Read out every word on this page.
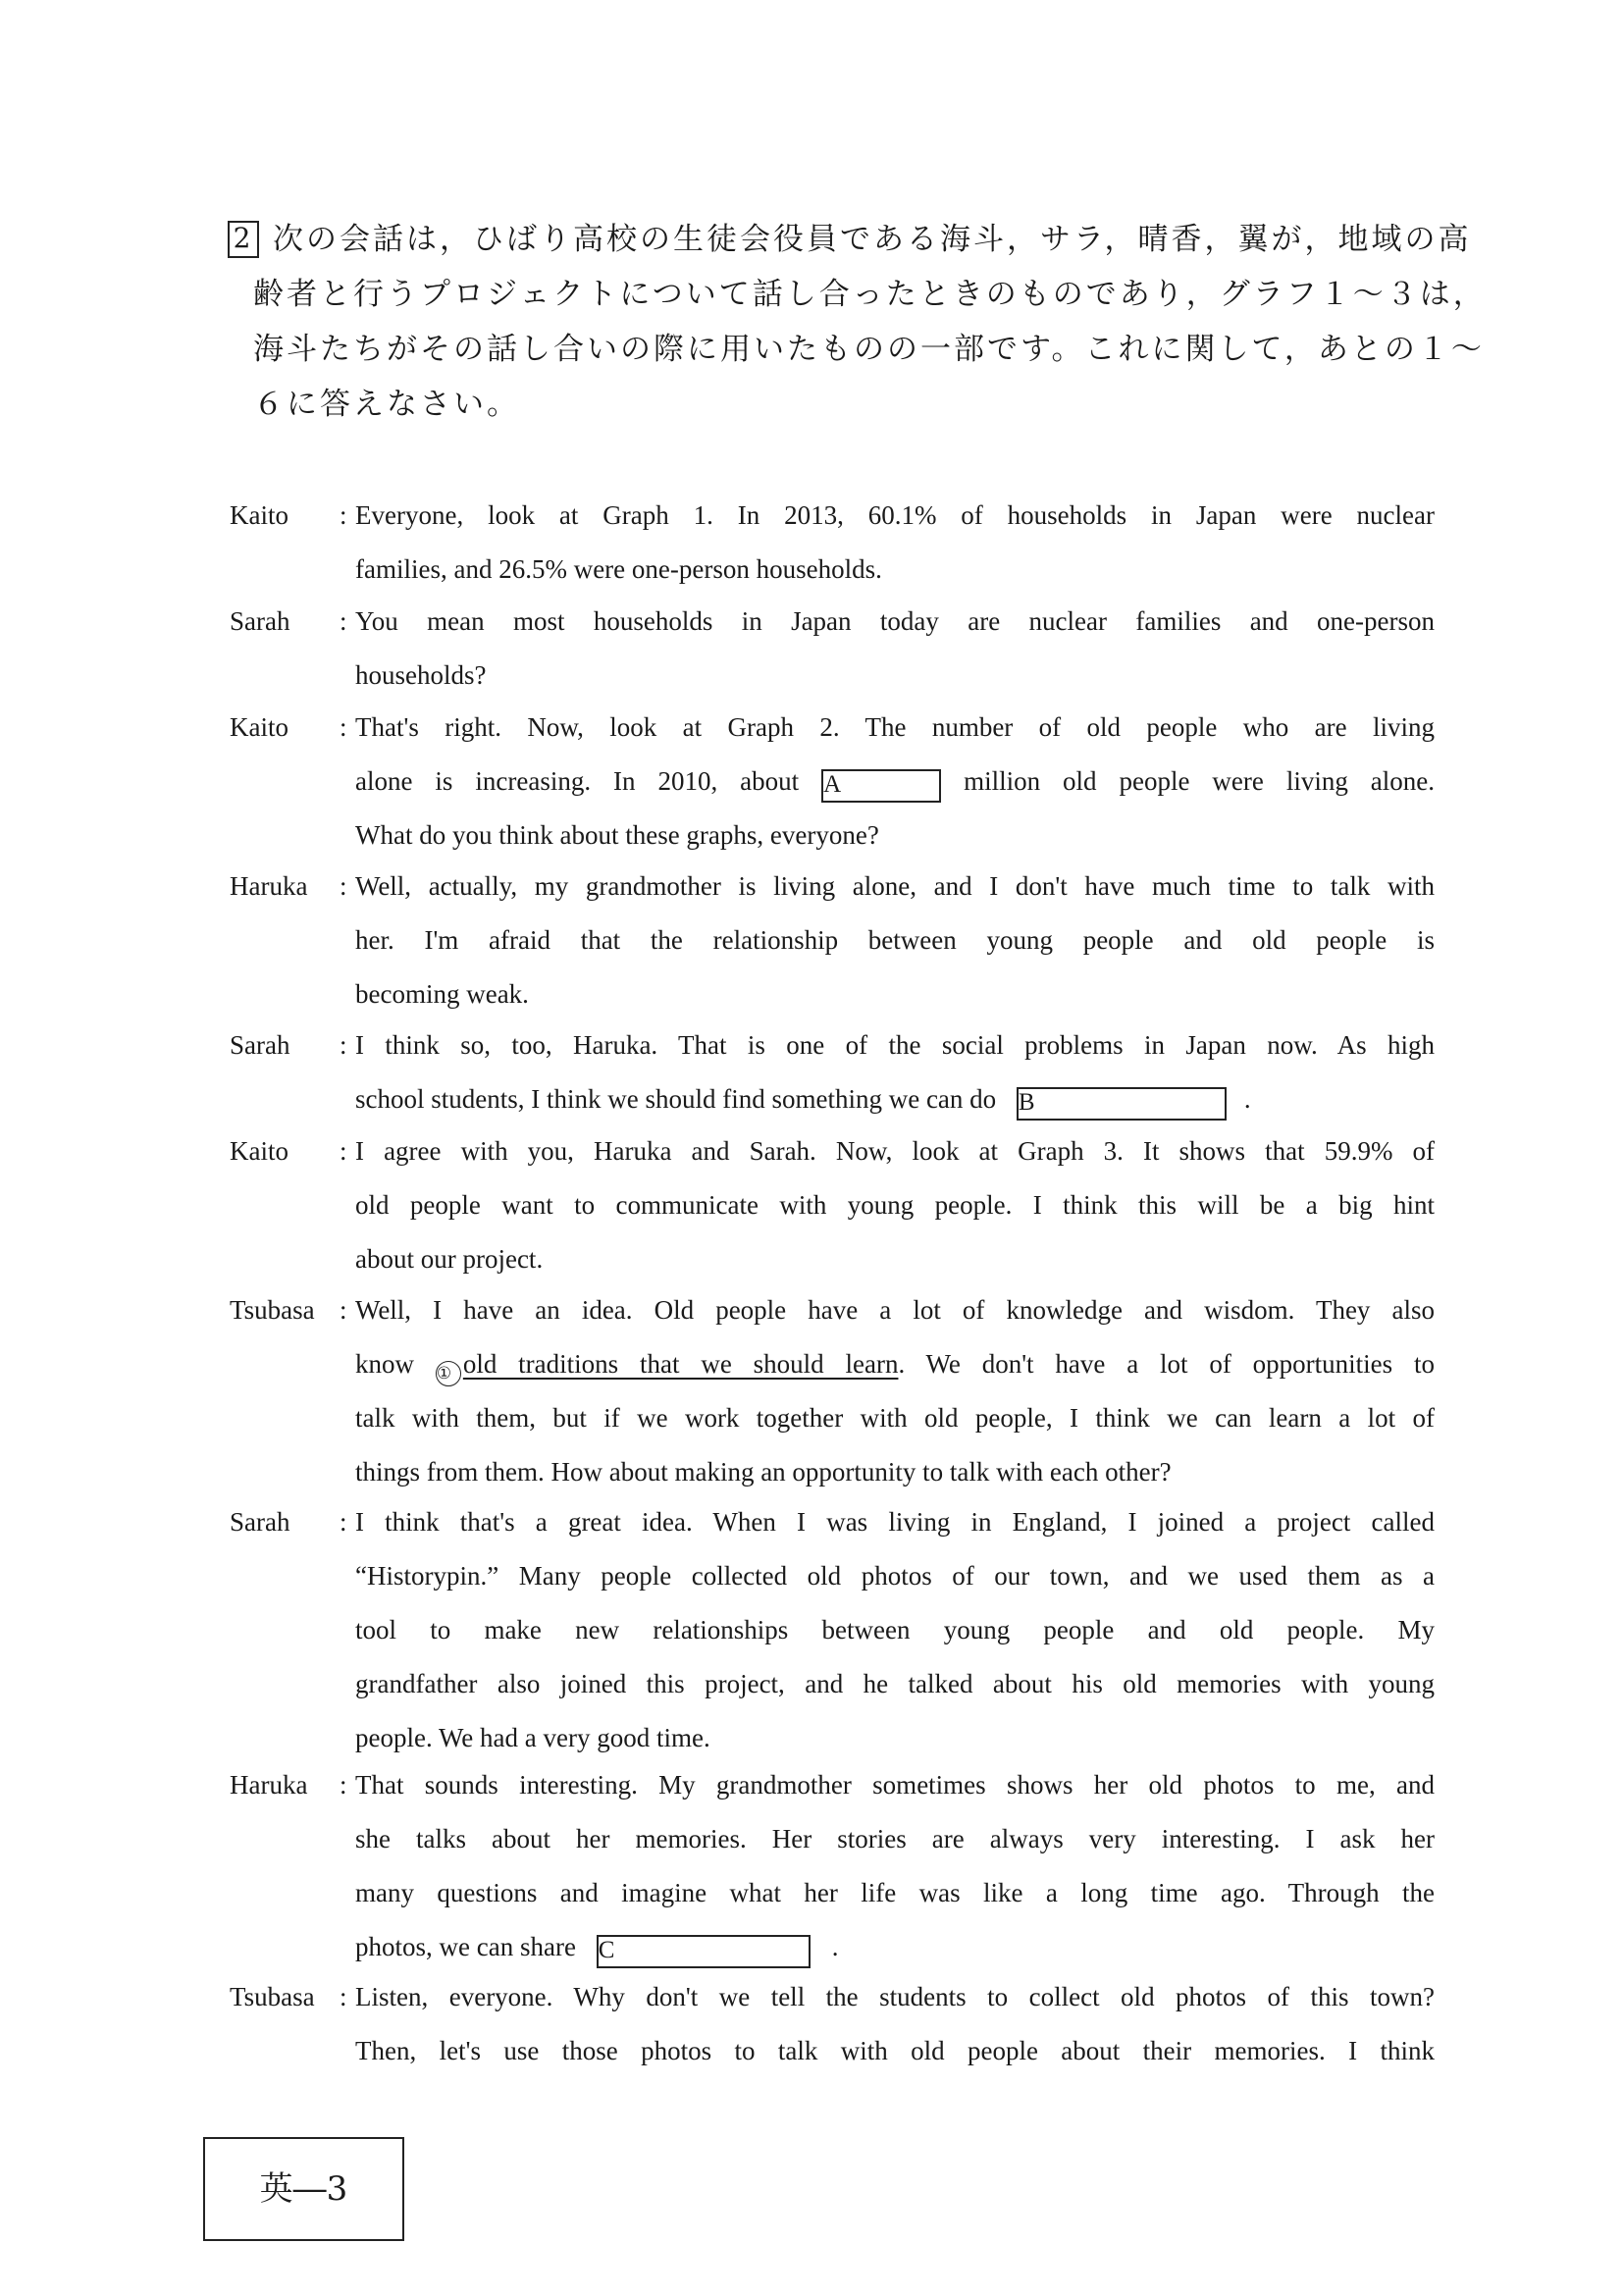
2 次の会話は，ひばり高校の生徒会役員である海斗，サラ，晴香，翼が，地域の高
齢者と行うプロジェクトについて話し合ったときのものであり，グラフ１～３は，
海斗たちがその話し合いの際に用いたものの一部です。これに関して，あとの１～
６に答えなさい。
Kaito	: Everyone, look at Graph 1. In 2013, 60.1% of households in Japan were nuclear
families, and 26.5% were one-person households.
Sarah	: You mean most households in Japan today are nuclear families and one-person
households?
Kaito	: That's right. Now, look at Graph 2. The number of old people who are living
alone is increasing. In 2010, about A	million old people were living alone.
What do you think about these graphs, everyone?
Haruka	: Well, actually, my grandmother is living alone, and I don't have much time to talk with
her. I'm afraid that the relationship between young people and old people is
becoming weak.
Sarah	: I think so, too, Haruka. That is one of the social problems in Japan now. As high
school students, I think we should find something we can do B	.
Kaito	: I agree with you, Haruka and Sarah. Now, look at Graph 3. It shows that 59.9% of
old people want to communicate with young people. I think this will be a big hint
about our project.
Tsubasa : Well, I have an idea. Old people have a lot of knowledge and wisdom. They also
know ① old traditions that we should learn. We don't have a lot of opportunities to
talk with them, but if we work together with old people, I think we can learn a lot of
things from them. How about making an opportunity to talk with each other?
Sarah	: I think that's a great idea. When I was living in England, I joined a project called
“Historypin.” Many people collected old photos of our town, and we used them as a
tool to make new relationships between young people and old people. My
grandfather also joined this project, and he talked about his old memories with young
people. We had a very good time.
Haruka	: That sounds interesting. My grandmother sometimes shows her old photos to me, and
she talks about her memories. Her stories are always very interesting. I ask her
many questions and imagine what her life was like a long time ago. Through the
photos, we can share C	.
Tsubasa : Listen, everyone. Why don't we tell the students to collect old photos of this town?
Then, let's use those photos to talk with old people about their memories. I think
英―3
